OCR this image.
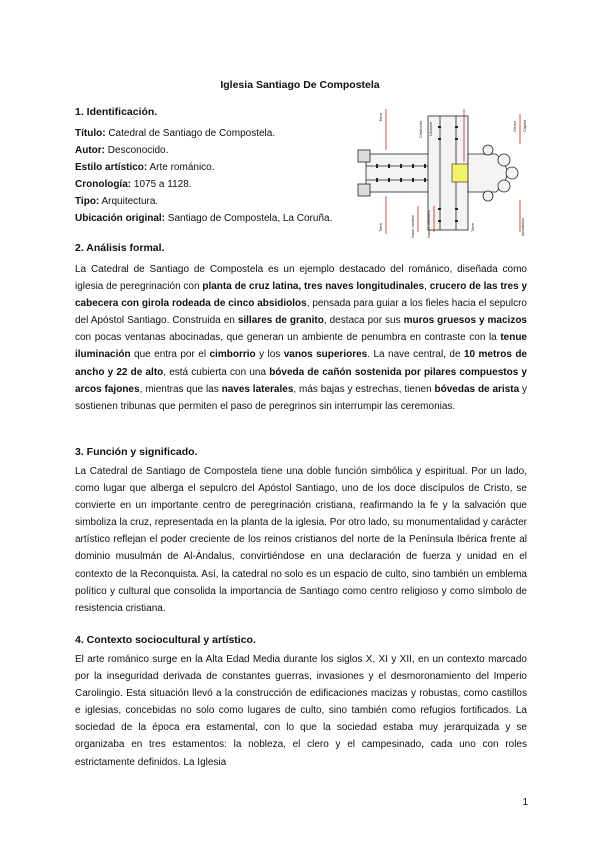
Iglesia Santiago De Compostela
1. Identificación.
Título: Catedral de Santiago de Compostela.
Autor: Desconocido.
Estilo artístico: Arte románico.
Cronología: 1075 a 1128.
Tipo: Arquitectura.
Ubicación original: Santiago de Compostela, La Coruña.
Torre
Cimborrio Crucero	Giróla Capilla
Torre	Torre
Nave central	Naves laterales	Absidiolos
2. Análisis formal.
La Catedral de Santiago de Compostela es un ejemplo destacado del románico, diseñada como iglesia de peregrinación con planta de cruz latina, tres naves longitudinales, crucero de las tres y cabecera con girola rodeada de cinco absidiolos, pensada para guiar a los fieles hacia el sepulcro del Apóstol Santiago. Construida en sillares de granito, destaca por sus muros gruesos y macizos con pocas ventanas abocinadas, que generan un ambiente de penumbra en contraste con la tenue iluminación que entra por el cimborrio y los vanos superiores. La nave central, de 10 metros de ancho y 22 de alto, está cubierta con una bóveda de cañón sostenida por pilares compuestos y arcos fajones, mientras que las naves laterales, más bajas y estrechas, tienen bóvedas de arista y sostienen tribunas que permiten el paso de peregrinos sin interrumpir las ceremonias.
3. Función y significado.
La Catedral de Santiago de Compostela tiene una doble función simbólica y espiritual. Por un lado, como lugar que alberga el sepulcro del Apóstol Santiago, uno de los doce discípulos de Cristo, se convierte en un importante centro de peregrinación cristiana, reafirmando la fe y la salvación que simboliza la cruz, representada en la planta de la iglesia. Por otro lado, su monumentalidad y carácter artístico reflejan el poder creciente de los reinos cristianos del norte de la Península Ibérica frente al dominio musulmán de Al-Ándalus, convirtiéndose en una declaración de fuerza y unidad en el contexto de la Reconquista. Así, la catedral no solo es un espacio de culto, sino también un emblema político y cultural que consolida la importancia de Santiago como centro religioso y como símbolo de resistencia cristiana.
4. Contexto sociocultural y artístico.
El arte románico surge en la Alta Edad Media durante los siglos X, XI y XII, en un contexto marcado por la inseguridad derivada de constantes guerras, invasiones y el desmoronamiento del Imperio Carolingio. Esta situación llevó a la construcción de edificaciones macizas y robustas, como castillos e iglesias, concebidas no solo como lugares de culto, sino también como refugios fortificados. La sociedad de la época era estamental, con lo que la sociedad estaba muy jerarquizada y se organizaba en tres estamentos: la nobleza, el clero y el campesinado, cada uno con roles estrictamente definidos. La Iglesia
1
